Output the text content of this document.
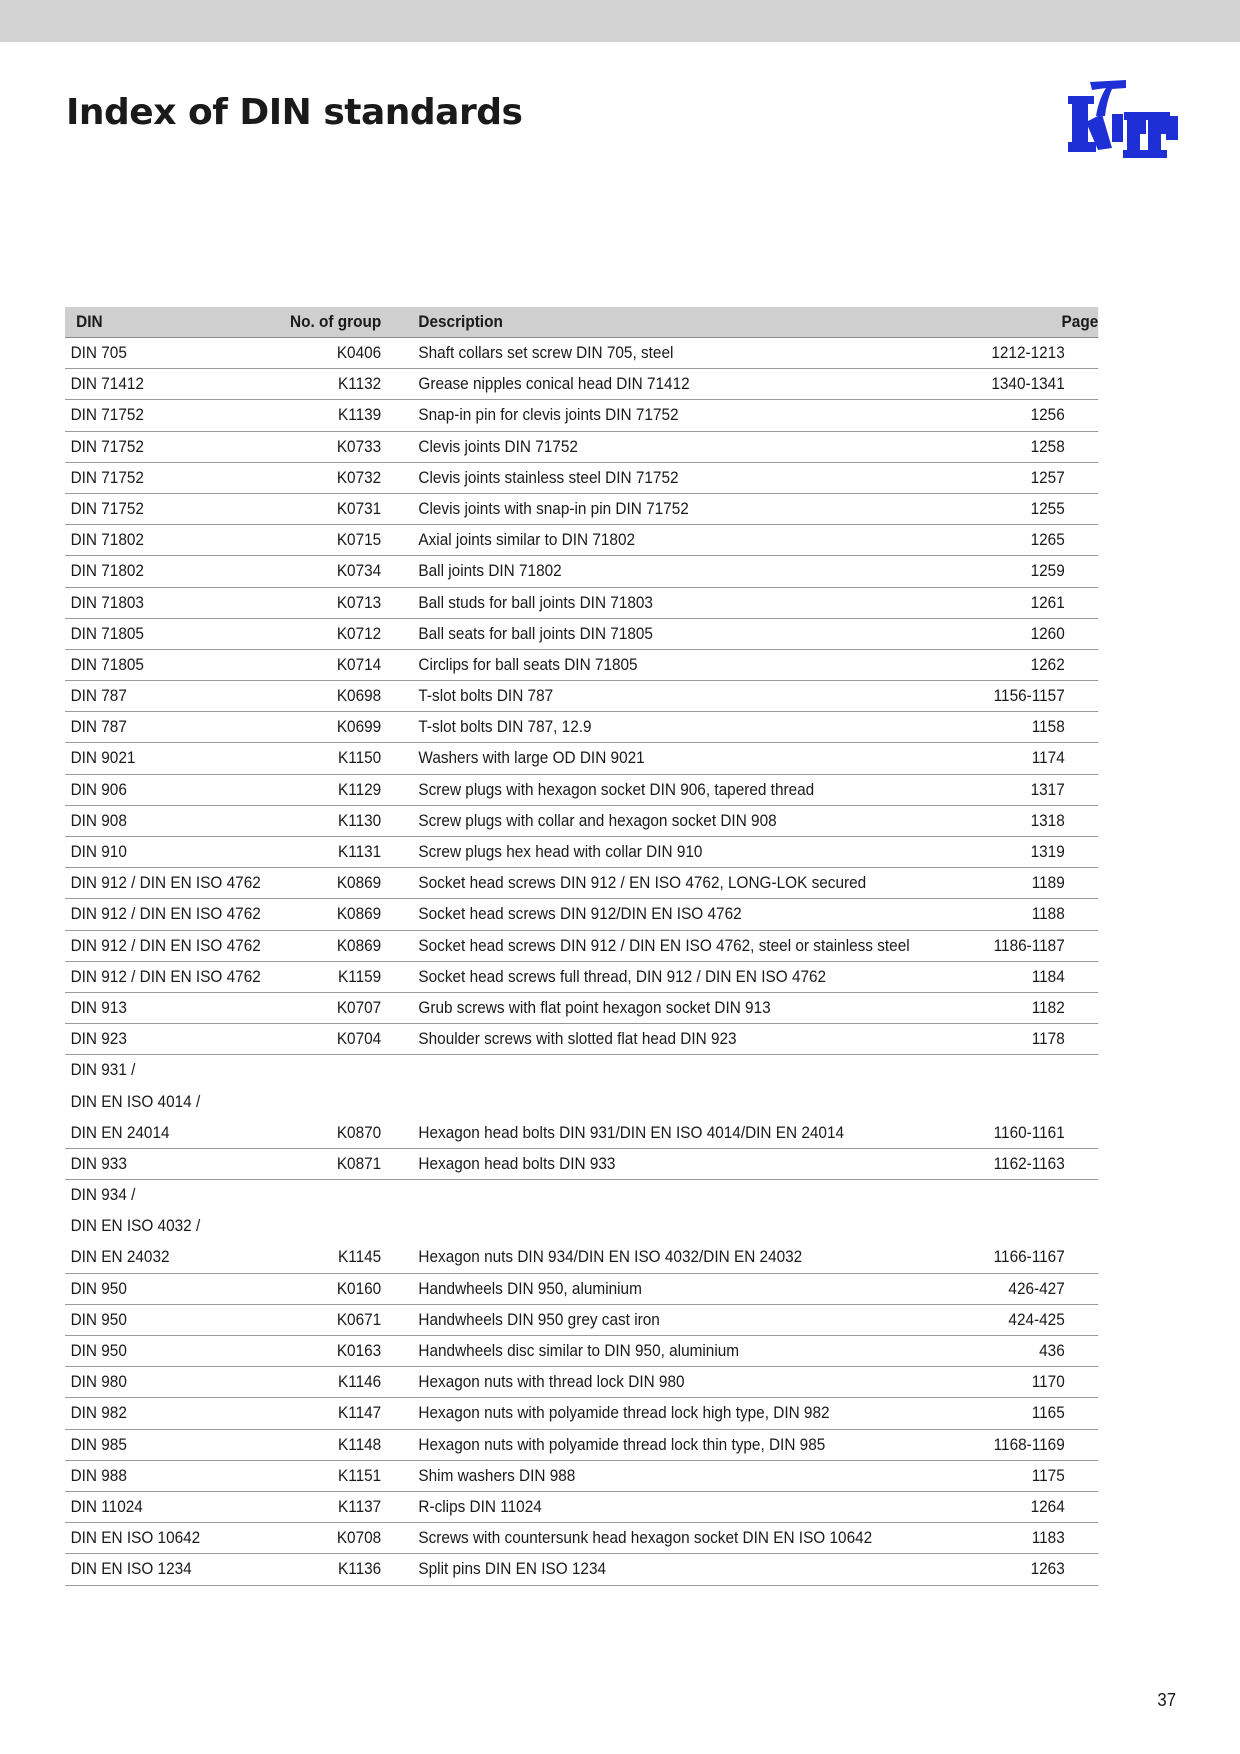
Index of DIN standards
DIN	No. of group Description	Page
DIN 705	K0406 Shaft collars set screw DIN 705, steel	1212-1213
DIN 71412	K1132 Grease nipples conical head DIN 71412	1340-1341
DIN 71752	K1139 Snap-in pin for clevis joints DIN 71752	1256
DIN 71752	K0733 Clevis joints DIN 71752	1258
DIN 71752	K0732 Clevis joints stainless steel DIN 71752	1257
DIN 71752	K0731 Clevis joints with snap-in pin DIN 71752	1255
DIN 71802	K0715 Axial joints similar to DIN 71802	1265
DIN 71802	K0734 Ball joints DIN 71802	1259
DIN 71803	K0713 Ball studs for ball joints DIN 71803	1261
DIN 71805	K0712 Ball seats for ball joints DIN 71805	1260
DIN 71805	K0714 Circlips for ball seats DIN 71805	1262
DIN 787	K0698 T-slot bolts DIN 787	1156-1157
DIN 787	K0699 T-slot bolts DIN 787, 12.9	1158
DIN 9021	K1150 Washers with large OD DIN 9021	1174
DIN 906	K1129 Screw plugs with hexagon socket DIN 906, tapered thread	1317
DIN 908	K1130 Screw plugs with collar and hexagon socket DIN 908	1318
DIN 910	K1131 Screw plugs hex head with collar DIN 910	1319
DIN 912 / DIN EN ISO 4762	K0869 Socket head screws DIN 912 / EN ISO 4762, LONG-LOK secured	1189
DIN 912 / DIN EN ISO 4762	K0869 Socket head screws DIN 912/DIN EN ISO 4762	1188
DIN 912 / DIN EN ISO 4762	K0869 Socket head screws DIN 912 / DIN EN ISO 4762, steel or stainless steel	1186-1187
DIN 912 / DIN EN ISO 4762	K1159 Socket head screws full thread, DIN 912 / DIN EN ISO 4762	1184
DIN 913	K0707 Grub screws with flat point hexagon socket DIN 913	1182
DIN 923	K0704 Shoulder screws with slotted flat head DIN 923	1178
DIN 931 /
DIN EN ISO 4014 /
DIN EN 24014	K0870 Hexagon head bolts DIN 931/DIN EN ISO 4014/DIN EN 24014	1160-1161
DIN 933	K0871 Hexagon head bolts DIN 933	1162-1163
DIN 934 /
DIN EN ISO 4032 /
DIN EN 24032	K1145 Hexagon nuts DIN 934/DIN EN ISO 4032/DIN EN 24032	1166-1167
DIN 950	K0160 Handwheels DIN 950, aluminium	426-427
DIN 950	K0671 Handwheels DIN 950 grey cast iron	424-425
DIN 950	K0163 Handwheels disc similar to DIN 950, aluminium	436
DIN 980	K1146 Hexagon nuts with thread lock DIN 980	1170
DIN 982	K1147 Hexagon nuts with polyamide thread lock high type, DIN 982	1165
DIN 985	K1148 Hexagon nuts with polyamide thread lock thin type, DIN 985	1168-1169
DIN 988	K1151 Shim washers DIN 988	1175
DIN 11024	K1137 R-clips DIN 11024	1264
DIN EN ISO 10642	K0708 Screws with countersunk head hexagon socket DIN EN ISO 10642	1183
DIN EN ISO 1234	K1136 Split pins DIN EN ISO 1234	1263
37
